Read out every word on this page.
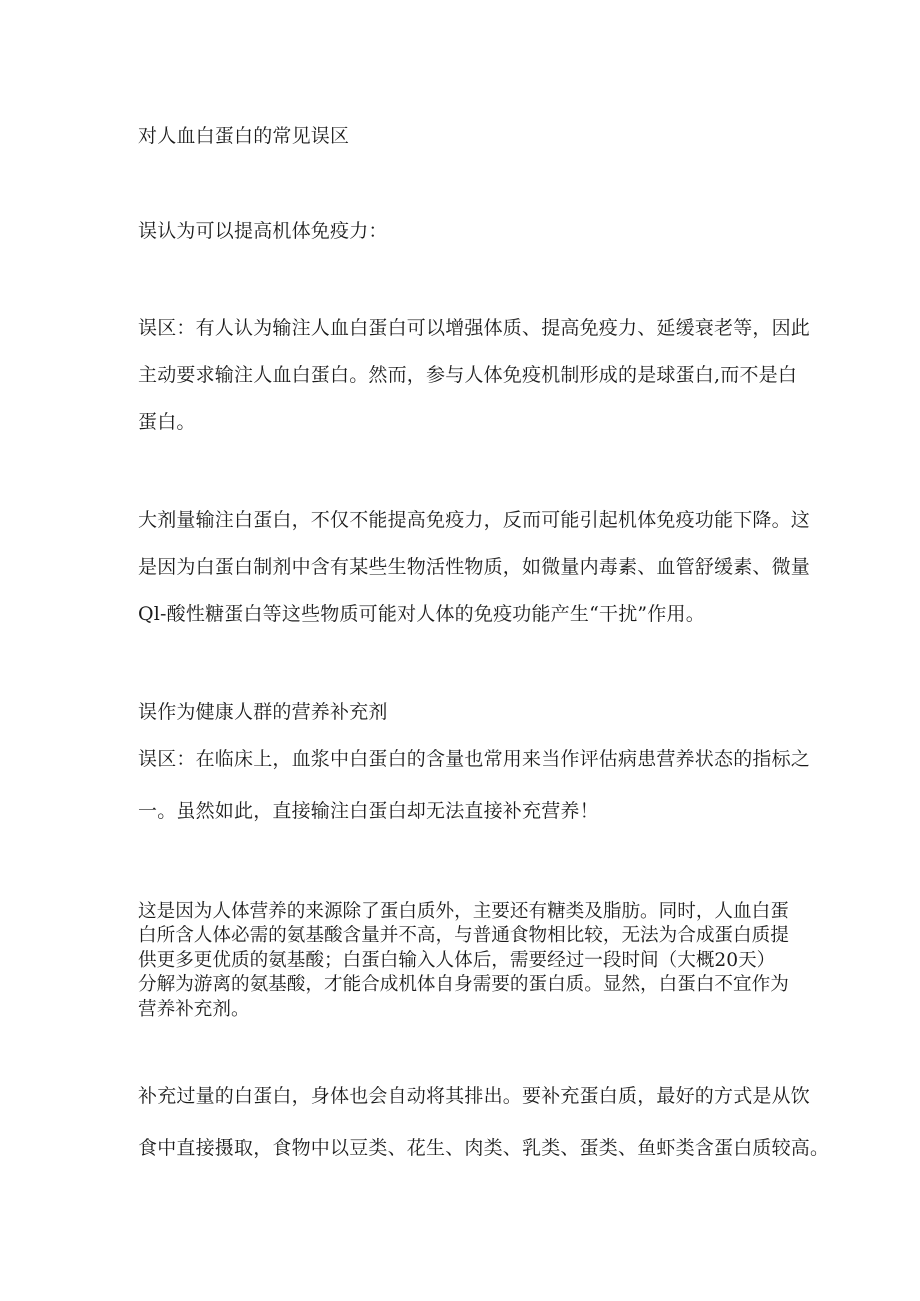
对人血白蛋白的常见误区
误认为可以提高机体免疫力：
误区：有人认为输注人血白蛋白可以增强体质、提高免疫力、延缓衰老等，因此
主动要求输注人血白蛋白。然而，参与人体免疫机制形成的是球蛋白,而不是白
蛋白。
大剂量输注白蛋白，不仅不能提高免疫力，反而可能引起机体免疫功能下降。这
是因为白蛋白制剂中含有某些生物活性物质，如微量内毒素、血管舒缓素、微量
Ql-酸性糖蛋白等这些物质可能对人体的免疫功能产生“干扰”作用。
误作为健康人群的营养补充剂
误区：在临床上，血浆中白蛋白的含量也常用来当作评估病患营养状态的指标之
一。虽然如此，直接输注白蛋白却无法直接补充营养！
这是因为人体营养的来源除了蛋白质外，主要还有糖类及脂肪。同时，人血白蛋
白所含人体必需的氨基酸含量并不高，与普通食物相比较，无法为合成蛋白质提
供更多更优质的氨基酸；白蛋白输入人体后，需要经过一段时间（大概20天）
分解为游离的氨基酸，才能合成机体自身需要的蛋白质。显然，白蛋白不宜作为
营养补充剂。
补充过量的白蛋白，身体也会自动将其排出。要补充蛋白质，最好的方式是从饮
食中直接摄取，食物中以豆类、花生、肉类、乳类、蛋类、鱼虾类含蛋白质较高。
